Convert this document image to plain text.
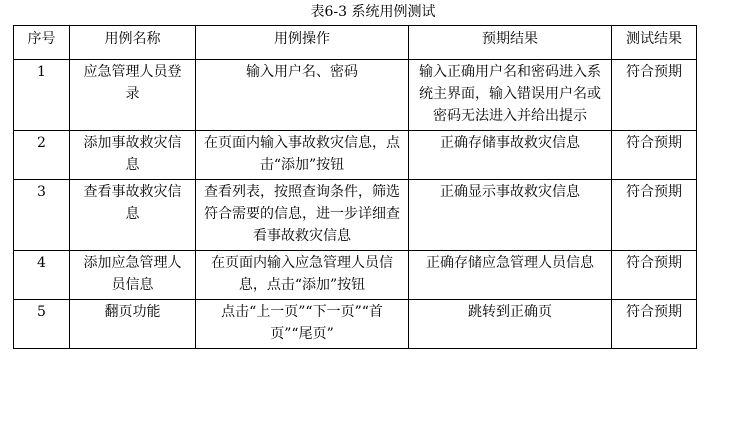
表6-3 系统用例测试
序号	用例名称	用例操作	预期结果	测试结果
1	应急管理人员登录	输入用户名、密码	输入正确用户名和密码进入系统主界面，输入错误用户名或密码无法进入并给出提示	符合预期
2	添加事故救灾信息	在页面内输入事故救灾信息，点击“添加”按钮	正确存储事故救灾信息	符合预期
3	查看事故救灾信息	查看列表，按照查询条件，筛选符合需要的信息，进一步详细查看事故救灾信息	正确显示事故救灾信息	符合预期
4	添加应急管理人员信息	在页面内输入应急管理人员信息，点击“添加”按钮	正确存储应急管理人员信息	符合预期
5	翻页功能	点击“上一页”“下一页”“首页”“尾页”	跳转到正确页	符合预期
